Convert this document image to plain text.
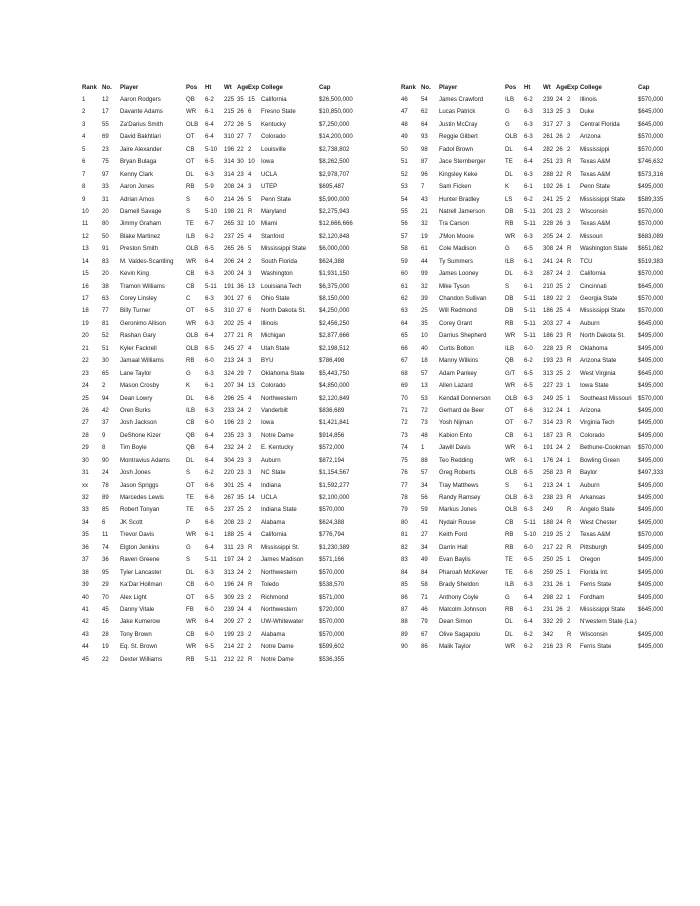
Rank No.	Player	Pos	Ht	Wt Age Exp College	Cap
1	12	Aaron Rodgers	QB	6-2	225 35 15 California	$26,500,000
2	17	Davante Adams	WR	6-1	215 26 6	Fresno State	$10,850,000
3	55	Za'Darius Smith	OLB	6-4	272 26 5	Kentucky	$7,250,000
4	69	David Bakhtiari	OT	6-4	310 27 7	Colorado	$14,200,000
5	23	Jaire Alexander	CB	5-10	196 22 2	Louisville	$2,738,802
6	75	Bryan Bulaga	OT	6-5	314 30 10 Iowa	$8,262,500
7	97	Kenny Clark	DL	6-3	314 23 4	UCLA	$2,978,707
8	33	Aaron Jones	RB	5-9	208 24 3	UTEP	$695,487
9	31	Adrian Amos	S	6-0	214 26 5	Penn State	$5,900,000
10	20	Darnell Savage	S	5-10	198 21 R	Maryland	$2,275,943
11	80	Jimmy Graham	TE	6-7	265 32 10 Miami	$12,666,666
12	50	Blake Martinez	ILB	6-2	237 25 4	Stanford	$2,120,848
13	91	Preston Smith	OLB	6-5	265 26 5	Mississippi State	$6,000,000
14	83	M. Valdes-Scantling	WR	6-4	206 24 2	South Florida	$624,388
15	20	Kevin King	CB	6-3	200 24 3	Washington	$1,931,150
16	38	Tramon Williams	CB	5-11	191 36 13 Louisiana Tech	$6,375,000
17	63	Corey Linsley	C	6-3	301 27 6	Ohio State	$8,150,000
18	77	Billy Turner	OT	6-5	310 27 6	North Dakota St.	$4,250,000
19	81	Geronimo Allison	WR	6-3	202 25 4	Illinois	$2,456,250
20	52	Rashan Gary	OLB	6-4	277 21 R	Michigan	$2,877,666
21	51	Kyler Fackrell	OLB	6-5	245 27 4	Utah State	$2,198,512
22	30	Jamaal Williams	RB	6-0	213 24 3	BYU	$786,498
23	65	Lane Taylor	G	6-3	324 29 7	Oklahoma State	$5,443,750
24	2	Mason Crosby	K	6-1	207 34 13 Colorado	$4,850,000
25	94	Dean Lowry	DL	6-6	296 25 4	Northwestern	$2,120,849
26	42	Oren Burks	ILB	6-3	233 24 2	Vanderbilt	$836,689
27	37	Josh Jackson	CB	6-0	196 23 2	Iowa	$1,421,841
28	9	DeShone Kizer	QB	6-4	235 23 3	Notre Dame	$914,856
29	8	Tim Boyle	QB	6-4	232 24 2	E. Kentucky	$572,000
30	90	Montravius Adams	DL	6-4	304 23 3	Auburn	$872,194
31	24	Josh Jones	S	6-2	220 23 3	NC State	$1,154,567
xx	78	Jason Spriggs	OT	6-6	301 25 4	Indiana	$1,592,277
32	89	Marcedes Lewis	TE	6-6	267 35 14 UCLA	$2,100,000
33	85	Robert Tonyan	TE	6-5	237 25 2	Indiana State	$570,000
34	6	JK Scott	P	6-6	208 23 2	Alabama	$624,388
35	11	Trevor Davis	WR	6-1	188 25 4	California	$776,794
36	74	Elgton Jenkins	G	6-4	311 23 R	Mississippi St.	$1,230,389
37	36	Raven Greene	S	5-11	197 24 2	James Madison	$571,166
38	95	Tyler Lancaster	DL	6-3	313 24 2	Northwestern	$570,000
39	29	Ka'Dar Hollman	CB	6-0	196 24 R	Toledo	$538,570
40	70	Alex Light	OT	6-5	309 23 2	Richmond	$571,000
41	45	Danny Vitale	FB	6-0	239 24 4	Northwestern	$720,000
42	16	Jake Kumerow	WR	6-4	209 27 2	UW-Whitewater	$570,000
43	28	Tony Brown	CB	6-0	199 23 2	Alabama	$570,000
44	19	Eq. St. Brown	WR	6-5	214 22 2	Notre Dame	$599,602
45	22	Dexter Williams	RB	5-11	212 22 R	Notre Dame	$536,355
Rank No.	Player	Pos	Ht	Wt Age Exp College	Cap
46	54	James Crawford	ILB	6-2	239 24 2	Illinois	$570,000
47	62	Lucas Patrick	G	6-3	313 25 3	Duke	$645,000
48	64	Justin McCray	G	6-3	317 27 3	Central Florida	$645,000
49	93	Reggie Gilbert	OLB	6-3	261 26 2	Arizona	$570,000
50	98	Fadol Brown	DL	6-4	282 26 2	Mississippi	$570,000
51	87	Jace Sternberger	TE	6-4	251 23 R	Texas A&M	$746,632
52	96	Kingsley Keke	DL	6-3	288 22 R	Texas A&M	$573,316
53	7	Sam Ficken	K	6-1	192 26 1	Penn State	$495,000
54	43	Hunter Bradley	LS	6-2	241 25 2	Mississippi State	$589,335
55	21	Natrell Jamerson	DB	5-11	201 23 2	Wisconsin	$570,000
56	32	Tra Carson	RB	5-11	228 26 3	Texas A&M	$570,000
57	19	J'Mon Moore	WR	6-3	205 24 2	Missouri	$683,089
58	61	Cole Madison	G	6-5	308 24 R	Washington State	$651,082
59	44	Ty Summers	ILB	6-1	241 24 R	TCU	$519,383
60	99	James Looney	DL	6-3	287 24 2	California	$570,000
61	32	Mike Tyson	S	6-1	210 25 2	Cincinnati	$645,000
62	39	Chandon Sullivan	DB	5-11	189 22 2	Georgia State	$570,000
63	25	Will Redmond	DB	5-11	186 25 4	Mississippi State	$570,000
64	35	Corey Grant	RB	5-11	203 27 4	Auburn	$645,000
65	10	Darrius Shepherd	WR	5-11	186 23 R	North Dakota St.	$495,000
66	40	Curtis Bolton	ILB	6-0	228 23 R	Oklahoma	$495,000
67	18	Manny Wilkins	QB	6-2	193 23 R	Arizona State	$495,000
68	57	Adam Pankey	G/T	6-5	313 25 2	West Virginia	$645,000
69	13	Allen Lazard	WR	6-5	227 23 1	Iowa State	$495,000
70	53	Kendall Donnerson	OLB	6-3	249 25 1	Southeast Missouri $570,000
71	72	Gerhard de Beer	OT	6-6	312 24 1	Arizona	$495,000
72	73	Yosh Nijman	OT	6-7	314 23 R	Virginia Tech	$495,000
73	48	Kabion Ento	CB	6-1	187 23 R	Colorado	$495,000
74	1	Jawill Davis	WR	6-1	191 24 2	Bethune-Cookman	$570,000
75	88	Teo Redding	WR	6-1	176 24 1	Bowling Green	$495,000
76	57	Greg Roberts	OLB	6-5	258 23 R	Baylor	$497,333
77	34	Tray Matthews	S	6-1	213 24 1	Auburn	$495,000
78	56	Randy Ramsey	OLB	6-3	238 23 R	Arkansas	$495,000
79	59	Markus Jones	OLB	6-3	249 R	Angelo State	$495,000
80	41	Nydair Rouse	CB	5-11	188 24 R	West Chester	$495,000
81	27	Keith Ford	RB	5-10	219 25 2	Texas A&M	$570,000
82	34	Darrin Hall	RB	6-0	217 22 R	Pittsburgh	$495,000
83	49	Evan Baylis	TE	6-5	250 25 1	Oregon	$495,000
84	84	Pharoah McKever	TE	6-6	259 25 1	Florida Int.	$495,000
85	58	Brady Sheldon	ILB	6-3	231 26 1	Ferris State	$495,000
86	71	Anthony Coyle	G	6-4	298 22 1	Fordham	$495,000
87	46	Malcolm Johnson	RB	6-1	231 26 2	Mississippi State	$645,000
88	79	Dean Simon	DL	6-4	332 29 2	N'western State (La.)
89	67	Olive Sagapolu	DL	6-2	342 R	Wisconsin	$495,000
90	86	Malik Taylor	WR	6-2	216 23 R	Ferris State	$495,000
